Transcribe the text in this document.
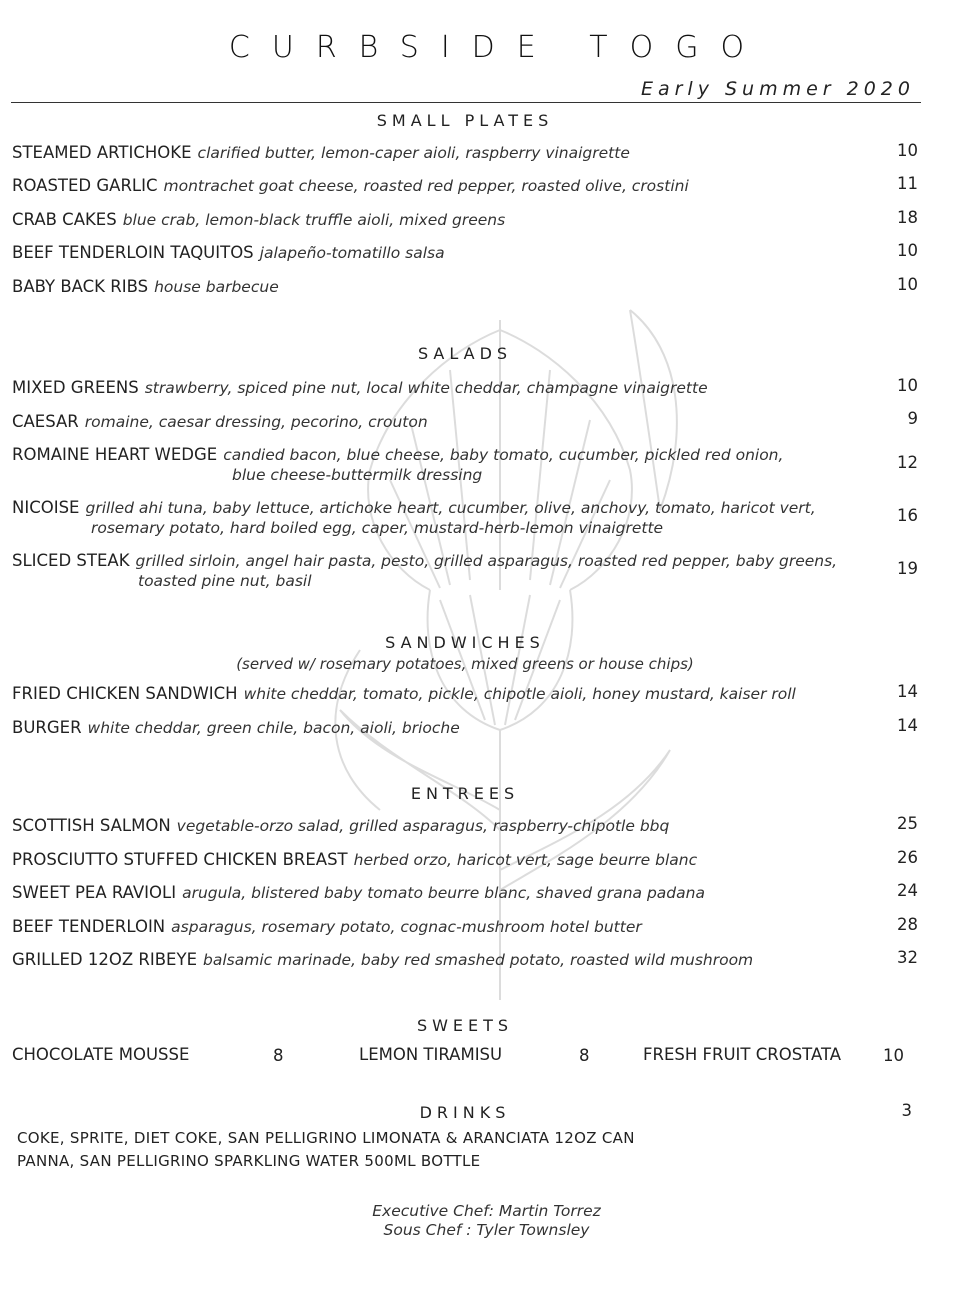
CURBSIDE TOGO
Early Summer 2020
SMALL PLATES
STEAMED ARTICHOKE clarified butter, lemon-caper aioli, raspberry vinaigrette	10
ROASTED GARLIC montrachet goat cheese, roasted red pepper, roasted olive, crostini	11
CRAB CAKES blue crab, lemon-black truffle aioli, mixed greens	18
BEEF TENDERLOIN TAQUITOS jalapeño-tomatillo salsa	10
BABY BACK RIBS house barbecue	10
SALADS
MIXED GREENS strawberry, spiced pine nut, local white cheddar, champagne vinaigrette	10
CAESAR romaine, caesar dressing, pecorino, crouton	9
ROMAINE HEART WEDGE candied bacon, blue cheese, baby tomato, cucumber, pickled red onion,
blue cheese-buttermilk dressing
12
NICOISE grilled ahi tuna, baby lettuce, artichoke heart, cucumber, olive, anchovy, tomato, haricot vert,
rosemary potato, hard boiled egg, caper, mustard-herb-lemon vinaigrette
16
SLICED STEAK grilled sirloin, angel hair pasta, pesto, grilled asparagus, roasted red pepper, baby greens,
toasted pine nut, basil
19
SANDWICHES
(served w/ rosemary potatoes, mixed greens or house chips)
FRIED CHICKEN SANDWICH white cheddar, tomato, pickle, chipotle aioli, honey mustard, kaiser roll	14
BURGER white cheddar, green chile, bacon, aioli, brioche	14
ENTREES
SCOTTISH SALMON vegetable-orzo salad, grilled asparagus, raspberry-chipotle bbq	25
PROSCIUTTO STUFFED CHICKEN BREAST herbed orzo, haricot vert, sage beurre blanc	26
SWEET PEA RAVIOLI arugula, blistered baby tomato beurre blanc, shaved grana padana	24
BEEF TENDERLOIN asparagus, rosemary potato, cognac-mushroom hotel butter	28
GRILLED 12OZ RIBEYE balsamic marinade, baby red smashed potato, roasted wild mushroom	32
SWEETS
CHOCOLATE MOUSSE	8	LEMON TIRAMISU	8	FRESH FRUIT CROSTATA	10
DRINKS	3
COKE, SPRITE, DIET COKE, SAN PELLIGRINO LIMONATA & ARANCIATA 12OZ CAN
PANNA, SAN PELLIGRINO SPARKLING WATER 500ML BOTTLE
Executive Chef: Martin Torrez
Sous Chef : Tyler Townsley
